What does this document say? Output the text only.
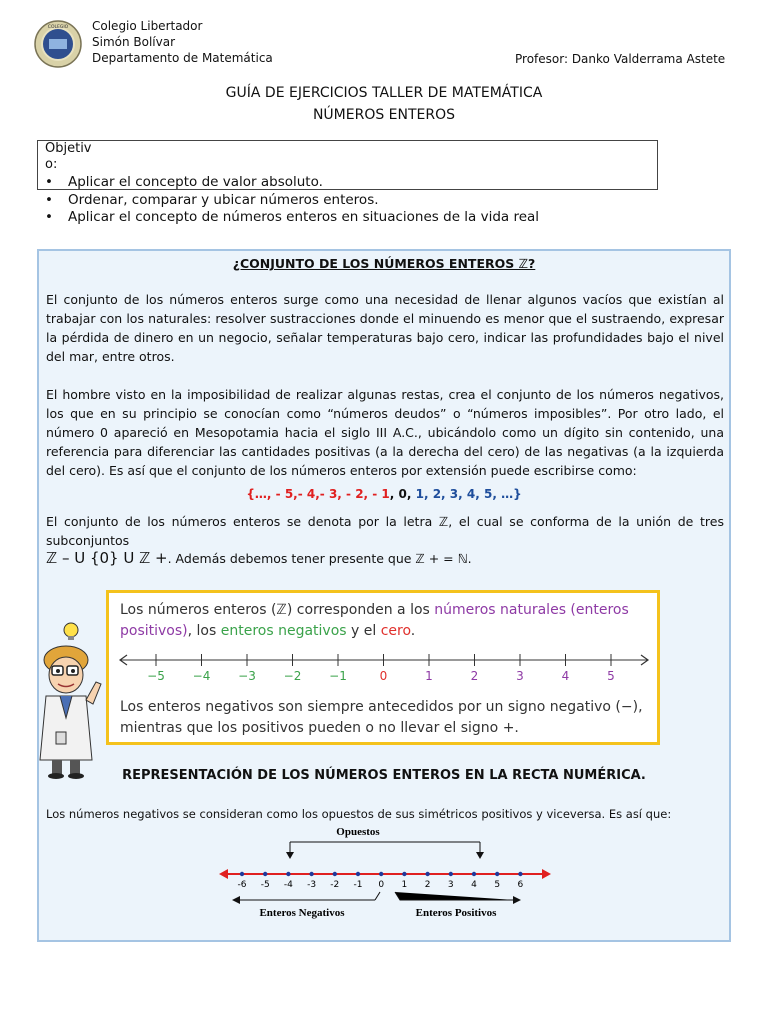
COLEGIO Colegio Libertador
Simón Bolívar
Departamento de Matemática	Profesor: Danko Valderrama Astete
GUÍA DE EJERCICIOS TALLER DE MATEMÁTICA
NÚMEROS ENTEROS
Objetiv
o:
•	Aplicar el concepto de valor absoluto.
•	Ordenar, comparar y ubicar números enteros.
•	Aplicar el concepto de números enteros en situaciones de la vida real
¿CONJUNTO DE LOS NÚMEROS ENTEROS ℤ?
El conjunto de los números enteros surge como una necesidad de llenar algunos vacíos que existían al trabajar con los naturales: resolver sustracciones donde el minuendo es menor que el sustraendo, expresar la pérdida de dinero en un negocio, señalar temperaturas bajo cero, indicar las profundidades bajo el nivel del mar, entre otros.
El hombre visto en la imposibilidad de realizar algunas restas, crea el conjunto de los números negativos, los que en su principio se conocían como “números deudos” o “números imposibles”. Por otro lado, el número 0 apareció en Mesopotamia hacia el siglo III A.C., ubicándolo como un dígito sin contenido, una referencia para diferenciar las cantidades positivas (a la derecha del cero) de las negativas (a la izquierda del cero). Es así que el conjunto de los números enteros por extensión puede escribirse como:
{…, - 5,- 4,- 3, - 2, - 1, 0, 1, 2, 3, 4, 5, …}
El conjunto de los números enteros se denota por la letra ℤ, el cual se conforma de la unión de tres subconjuntos
ℤ – U {0} U ℤ +. Además debemos tener presente que ℤ + = ℕ.
Los números enteros (ℤ) corresponden a los números naturales (enteros
positivos), los enteros negativos y el cero.
−5 −4 −3 −2 −1	0	1	2	3	4	5
Los enteros negativos son siempre antecedidos por un signo negativo (−),
mientras que los positivos pueden o no llevar el signo +.
REPRESENTACIÓN DE LOS NÚMEROS ENTEROS EN LA RECTA NUMÉRICA.
Los números negativos se consideran como los opuestos de sus simétricos positivos y viceversa. Es así que:
Opuestos
-6 -5 -4 -3 -2 -1 0 1 2 3 4 5 6
Enteros Negativos	Enteros Positivos
